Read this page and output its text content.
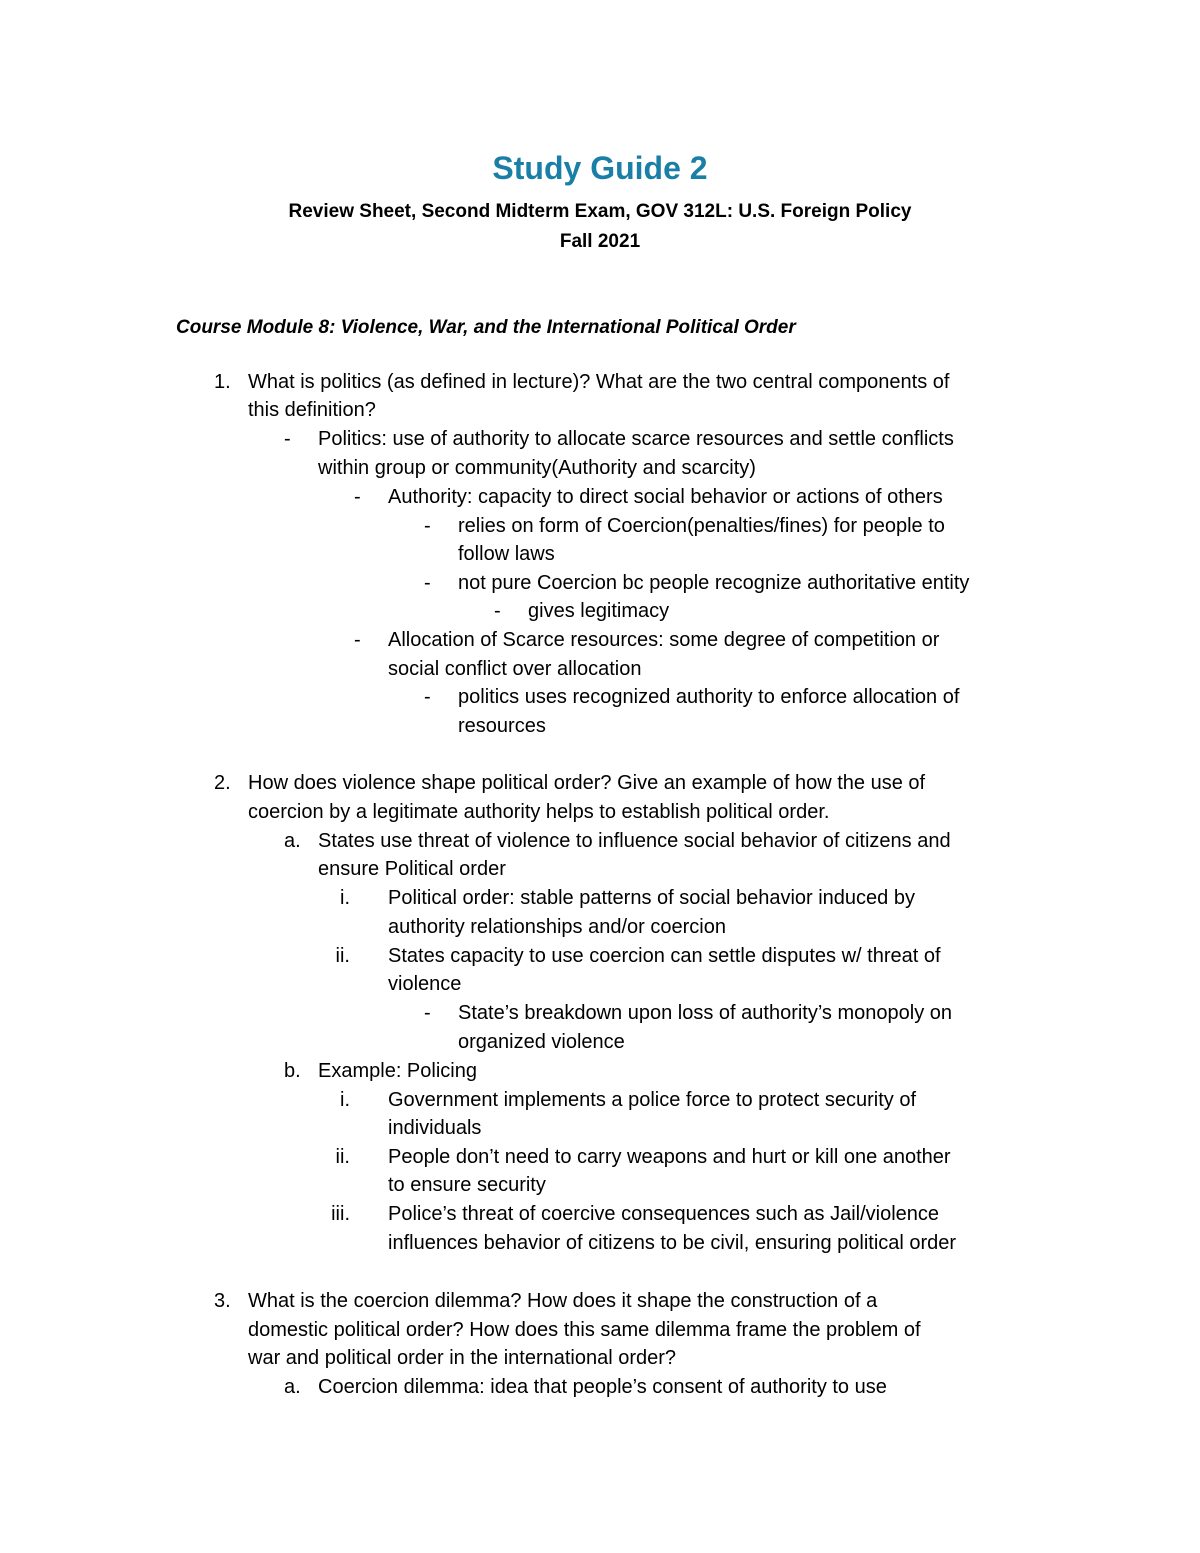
Study Guide 2
Review Sheet, Second Midterm Exam, GOV 312L: U.S. Foreign Policy
Fall 2021
Course Module 8: Violence, War, and the International Political Order
1. What is politics (as defined in lecture)? What are the two central components of
this definition?
- Politics: use of authority to allocate scarce resources and settle conflicts
within group or community(Authority and scarcity)
- Authority: capacity to direct social behavior or actions of others
- relies on form of Coercion(penalties/fines) for people to
follow laws
- not pure Coercion bc people recognize authoritative entity
- gives legitimacy
- Allocation of Scarce resources: some degree of competition or
social conflict over allocation
- politics uses recognized authority to enforce allocation of
resources
2. How does violence shape political order? Give an example of how the use of
coercion by a legitimate authority helps to establish political order.
a. States use threat of violence to influence social behavior of citizens and
ensure Political order
i. Political order: stable patterns of social behavior induced by
authority relationships and/or coercion
ii. States capacity to use coercion can settle disputes w/ threat of
violence
- State’s breakdown upon loss of authority’s monopoly on
organized violence
b. Example: Policing
i. Government implements a police force to protect security of
individuals
ii. People don’t need to carry weapons and hurt or kill one another
to ensure security
iii. Police’s threat of coercive consequences such as Jail/violence
influences behavior of citizens to be civil, ensuring political order
3. What is the coercion dilemma? How does it shape the construction of a
domestic political order? How does this same dilemma frame the problem of
war and political order in the international order?
a. Coercion dilemma: idea that people’s consent of authority to use
